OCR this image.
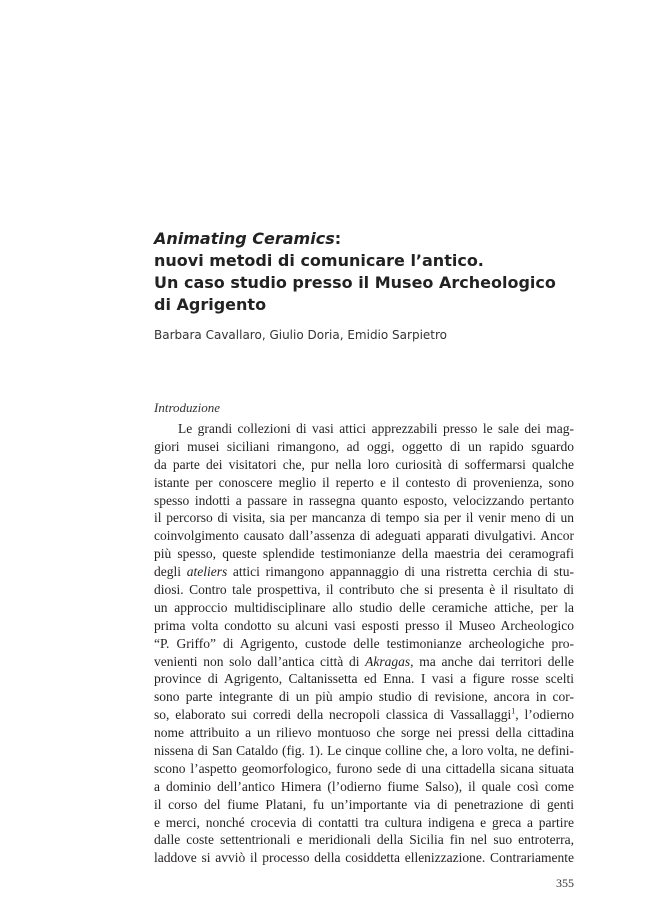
Animating Ceramics:
nuovi metodi di comunicare l’antico.
Un caso studio presso il Museo Archeologico
di Agrigento
Barbara Cavallaro, Giulio Doria, Emidio Sarpietro
Introduzione
Le grandi collezioni di vasi attici apprezzabili presso le sale dei mag-
giori musei siciliani rimangono, ad oggi, oggetto di un rapido sguardo
da parte dei visitatori che, pur nella loro curiosità di soffermarsi qualche
istante per conoscere meglio il reperto e il contesto di provenienza, sono
spesso indotti a passare in rassegna quanto esposto, velocizzando pertanto
il percorso di visita, sia per mancanza di tempo sia per il venir meno di un
coinvolgimento causato dall’assenza di adeguati apparati divulgativi. Ancor
più spesso, queste splendide testimonianze della maestria dei ceramografi
degli ateliers attici rimangono appannaggio di una ristretta cerchia di stu-
diosi. Contro tale prospettiva, il contributo che si presenta è il risultato di
un approccio multidisciplinare allo studio delle ceramiche attiche, per la
prima volta condotto su alcuni vasi esposti presso il Museo Archeologico
“P. Griffo” di Agrigento, custode delle testimonianze archeologiche pro-
venienti non solo dall’antica città di Akragas, ma anche dai territori delle
province di Agrigento, Caltanissetta ed Enna. I vasi a figure rosse scelti
sono parte integrante di un più ampio studio di revisione, ancora in cor-
so, elaborato sui corredi della necropoli classica di Vassallaggi$^1$, l’odierno
nome attribuito a un rilievo montuoso che sorge nei pressi della cittadina
nissena di San Cataldo (fig. 1). Le cinque colline che, a loro volta, ne defini-
scono l’aspetto geomorfologico, furono sede di una cittadella sicana situata
a dominio dell’antico Himera (l’odierno fiume Salso), il quale così come
il corso del fiume Platani, fu un’importante via di penetrazione di genti
e merci, nonché crocevia di contatti tra cultura indigena e greca a partire
dalle coste settentrionali e meridionali della Sicilia fin nel suo entroterra,
laddove si avviò il processo della cosiddetta ellenizzazione. Contrariamente
355
